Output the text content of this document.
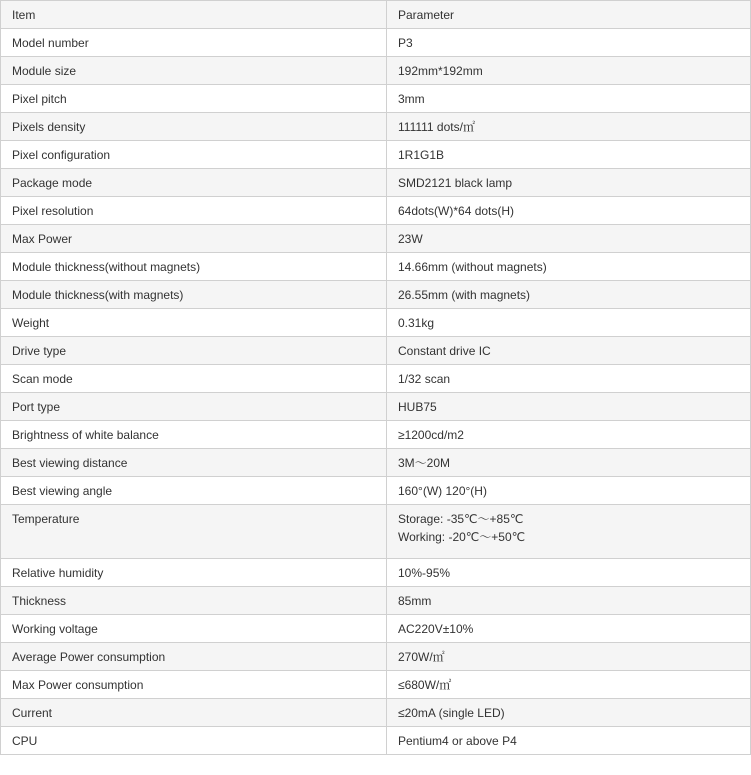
Item	Parameter
Model number	P3
Module size	192mm*192mm
Pixel pitch	3mm
Pixels density	111111 dots/㎡
Pixel configuration	1R1G1B
Package mode	SMD2121 black lamp
Pixel resolution	64dots(W)*64 dots(H)
Max Power	23W
Module thickness(without magnets)	14.66mm (without magnets)
Module thickness(with magnets)	26.55mm (with magnets)
Weight	0.31kg
Drive type	Constant drive IC
Scan mode	1/32 scan
Port type	HUB75
Brightness of white balance	≥1200cd/m2
Best viewing distance	3M～20M
Best viewing angle	160°(W) 120°(H)
Temperature	Storage: -35℃～+85℃
Working: -20℃～+50℃

Relative humidity	10%-95%
Thickness	85mm
Working voltage	AC220V±10%
Average Power consumption	270W/㎡
Max Power consumption	≤680W/㎡
Current	≤20mA (single LED)
CPU	Pentium4 or above P4
